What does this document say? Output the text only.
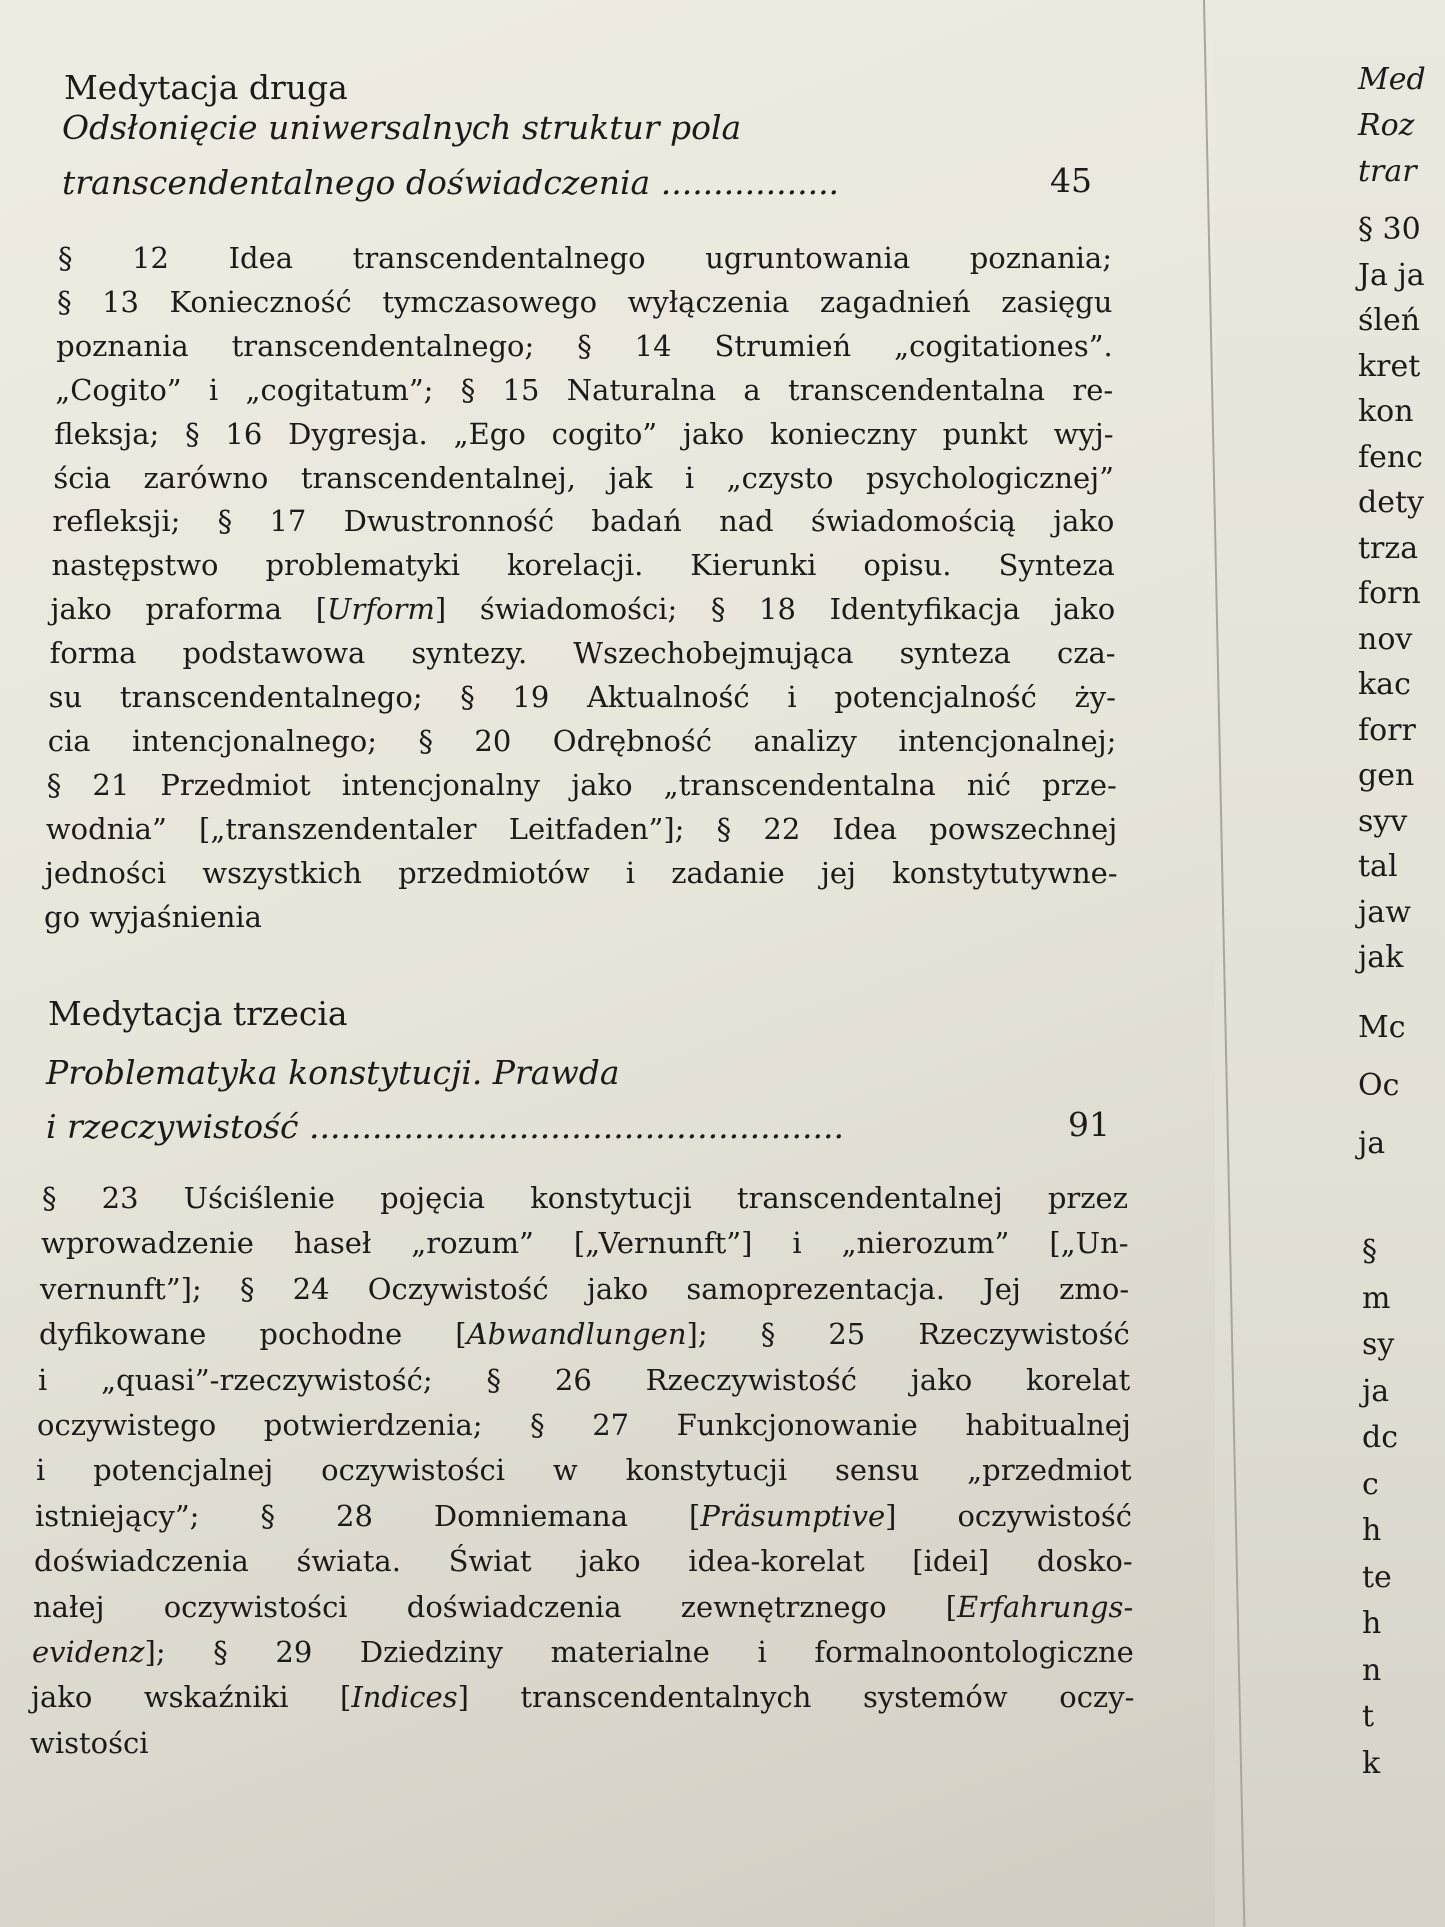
Medytacja druga
Odsłonięcie uniwersalnych struktur pola
transcendentalnego doświadczenia .................	45
§ 12 Idea transcendentalnego ugruntowania poznania;
§ 13 Konieczność tymczasowego wyłączenia zagadnień zasięgu
poznania transcendentalnego; § 14 Strumień „cogitationes”.
„Cogito” i „cogitatum”; § 15 Naturalna a transcendentalna re-
fleksja; § 16 Dygresja. „Ego cogito” jako konieczny punkt wyj-
ścia zarówno transcendentalnej, jak i „czysto psychologicznej”
refleksji; § 17 Dwustronność badań nad świadomością jako
następstwo problematyki korelacji. Kierunki opisu. Synteza
jako praforma [Urform] świadomości; § 18 Identyfikacja jako
forma podstawowa syntezy. Wszechobejmująca synteza cza-
su transcendentalnego; § 19 Aktualność i potencjalność ży-
cia intencjonalnego; § 20 Odrębność analizy intencjonalnej;
§ 21 Przedmiot intencjonalny jako „transcendentalna nić prze-
wodnia” [„transzendentaler Leitfaden”]; § 22 Idea powszechnej
jedności wszystkich przedmiotów i zadanie jej konstytutywne-
go wyjaśnienia
Medytacja trzecia
Problematyka konstytucji. Prawda
i rzeczywistość ...................................................	91
§ 23 Uściślenie pojęcia konstytucji transcendentalnej przez
wprowadzenie haseł „rozum” [„Vernunft”] i „nierozum” [„Un-
vernunft”]; § 24 Oczywistość jako samoprezentacja. Jej zmo-
dyfikowane pochodne [Abwandlungen]; § 25 Rzeczywistość
i „quasi”-rzeczywistość; § 26 Rzeczywistość jako korelat
oczywistego potwierdzenia; § 27 Funkcjonowanie habitualnej
i potencjalnej oczywistości w konstytucji sensu „przedmiot
istniejący”; § 28 Domniemana [Präsumptive] oczywistość
doświadczenia świata. Świat jako idea-korelat [idei] dosko-
nałej oczywistości doświadczenia zewnętrznego [Erfahrungs-
evidenz]; § 29 Dziedziny materialne i formalnoontologiczne
jako wskaźniki [Indices] transcendentalnych systemów oczy-
wistości
Med
Roz
trar
§ 30
Ja ja
śleń
kret
kon
fenc
dety
trza
forn
nov
kac
forr
gen
syv
tal
jaw
jak
Mc
Oc
ja
§
m
sy
ja
dc
c
h
te
h
n
t
k
